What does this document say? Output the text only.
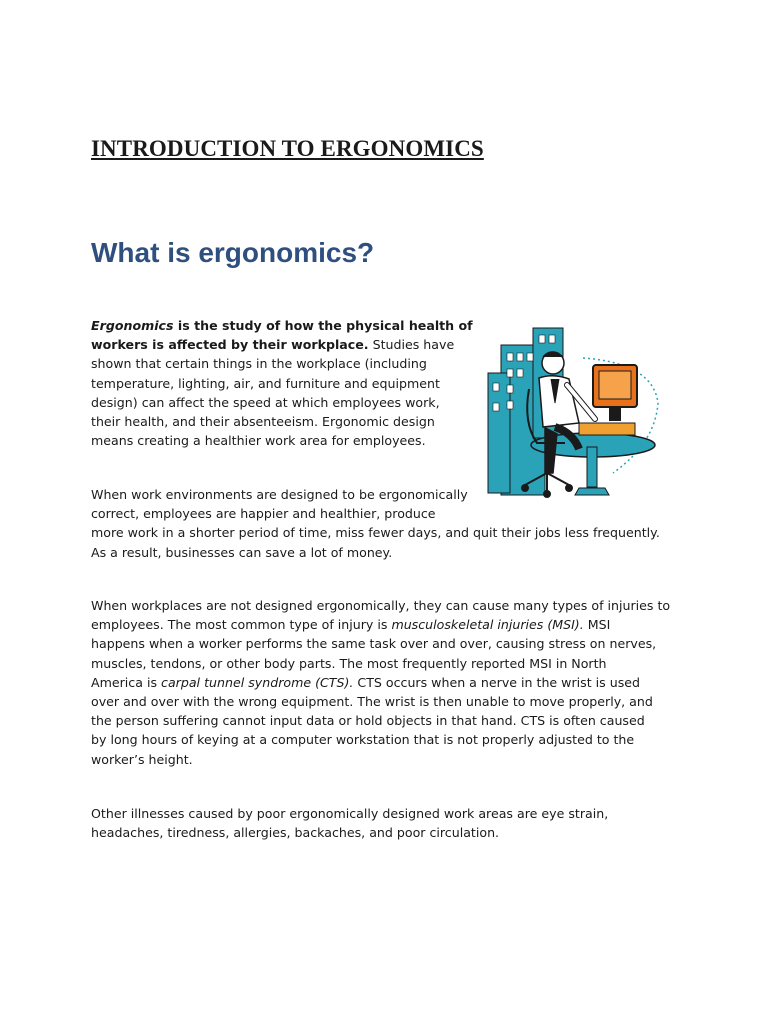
INTRODUCTION TO ERGONOMICS
What is ergonomics?
Ergonomics is the study of how the physical health of
workers is affected by their workplace. Studies have
shown that certain things in the workplace (including
temperature, lighting, air, and furniture and equipment
design) can affect the speed at which employees work,
their health, and their absenteeism. Ergonomic design
means creating a healthier work area for employees.
When work environments are designed to be ergonomically
correct, employees are happier and healthier, produce
more work in a shorter period of time, miss fewer days, and quit their jobs less frequently.
As a result, businesses can save a lot of money.
When workplaces are not designed ergonomically, they can cause many types of injuries to
employees. The most common type of injury is musculoskeletal injuries (MSI). MSI
happens when a worker performs the same task over and over, causing stress on nerves,
muscles, tendons, or other body parts. The most frequently reported MSI in North
America is carpal tunnel syndrome (CTS). CTS occurs when a nerve in the wrist is used
over and over with the wrong equipment. The wrist is then unable to move properly, and
the person suffering cannot input data or hold objects in that hand. CTS is often caused
by long hours of keying at a computer workstation that is not properly adjusted to the
worker’s height.
Other illnesses caused by poor ergonomically designed work areas are eye strain,
headaches, tiredness, allergies, backaches, and poor circulation.
